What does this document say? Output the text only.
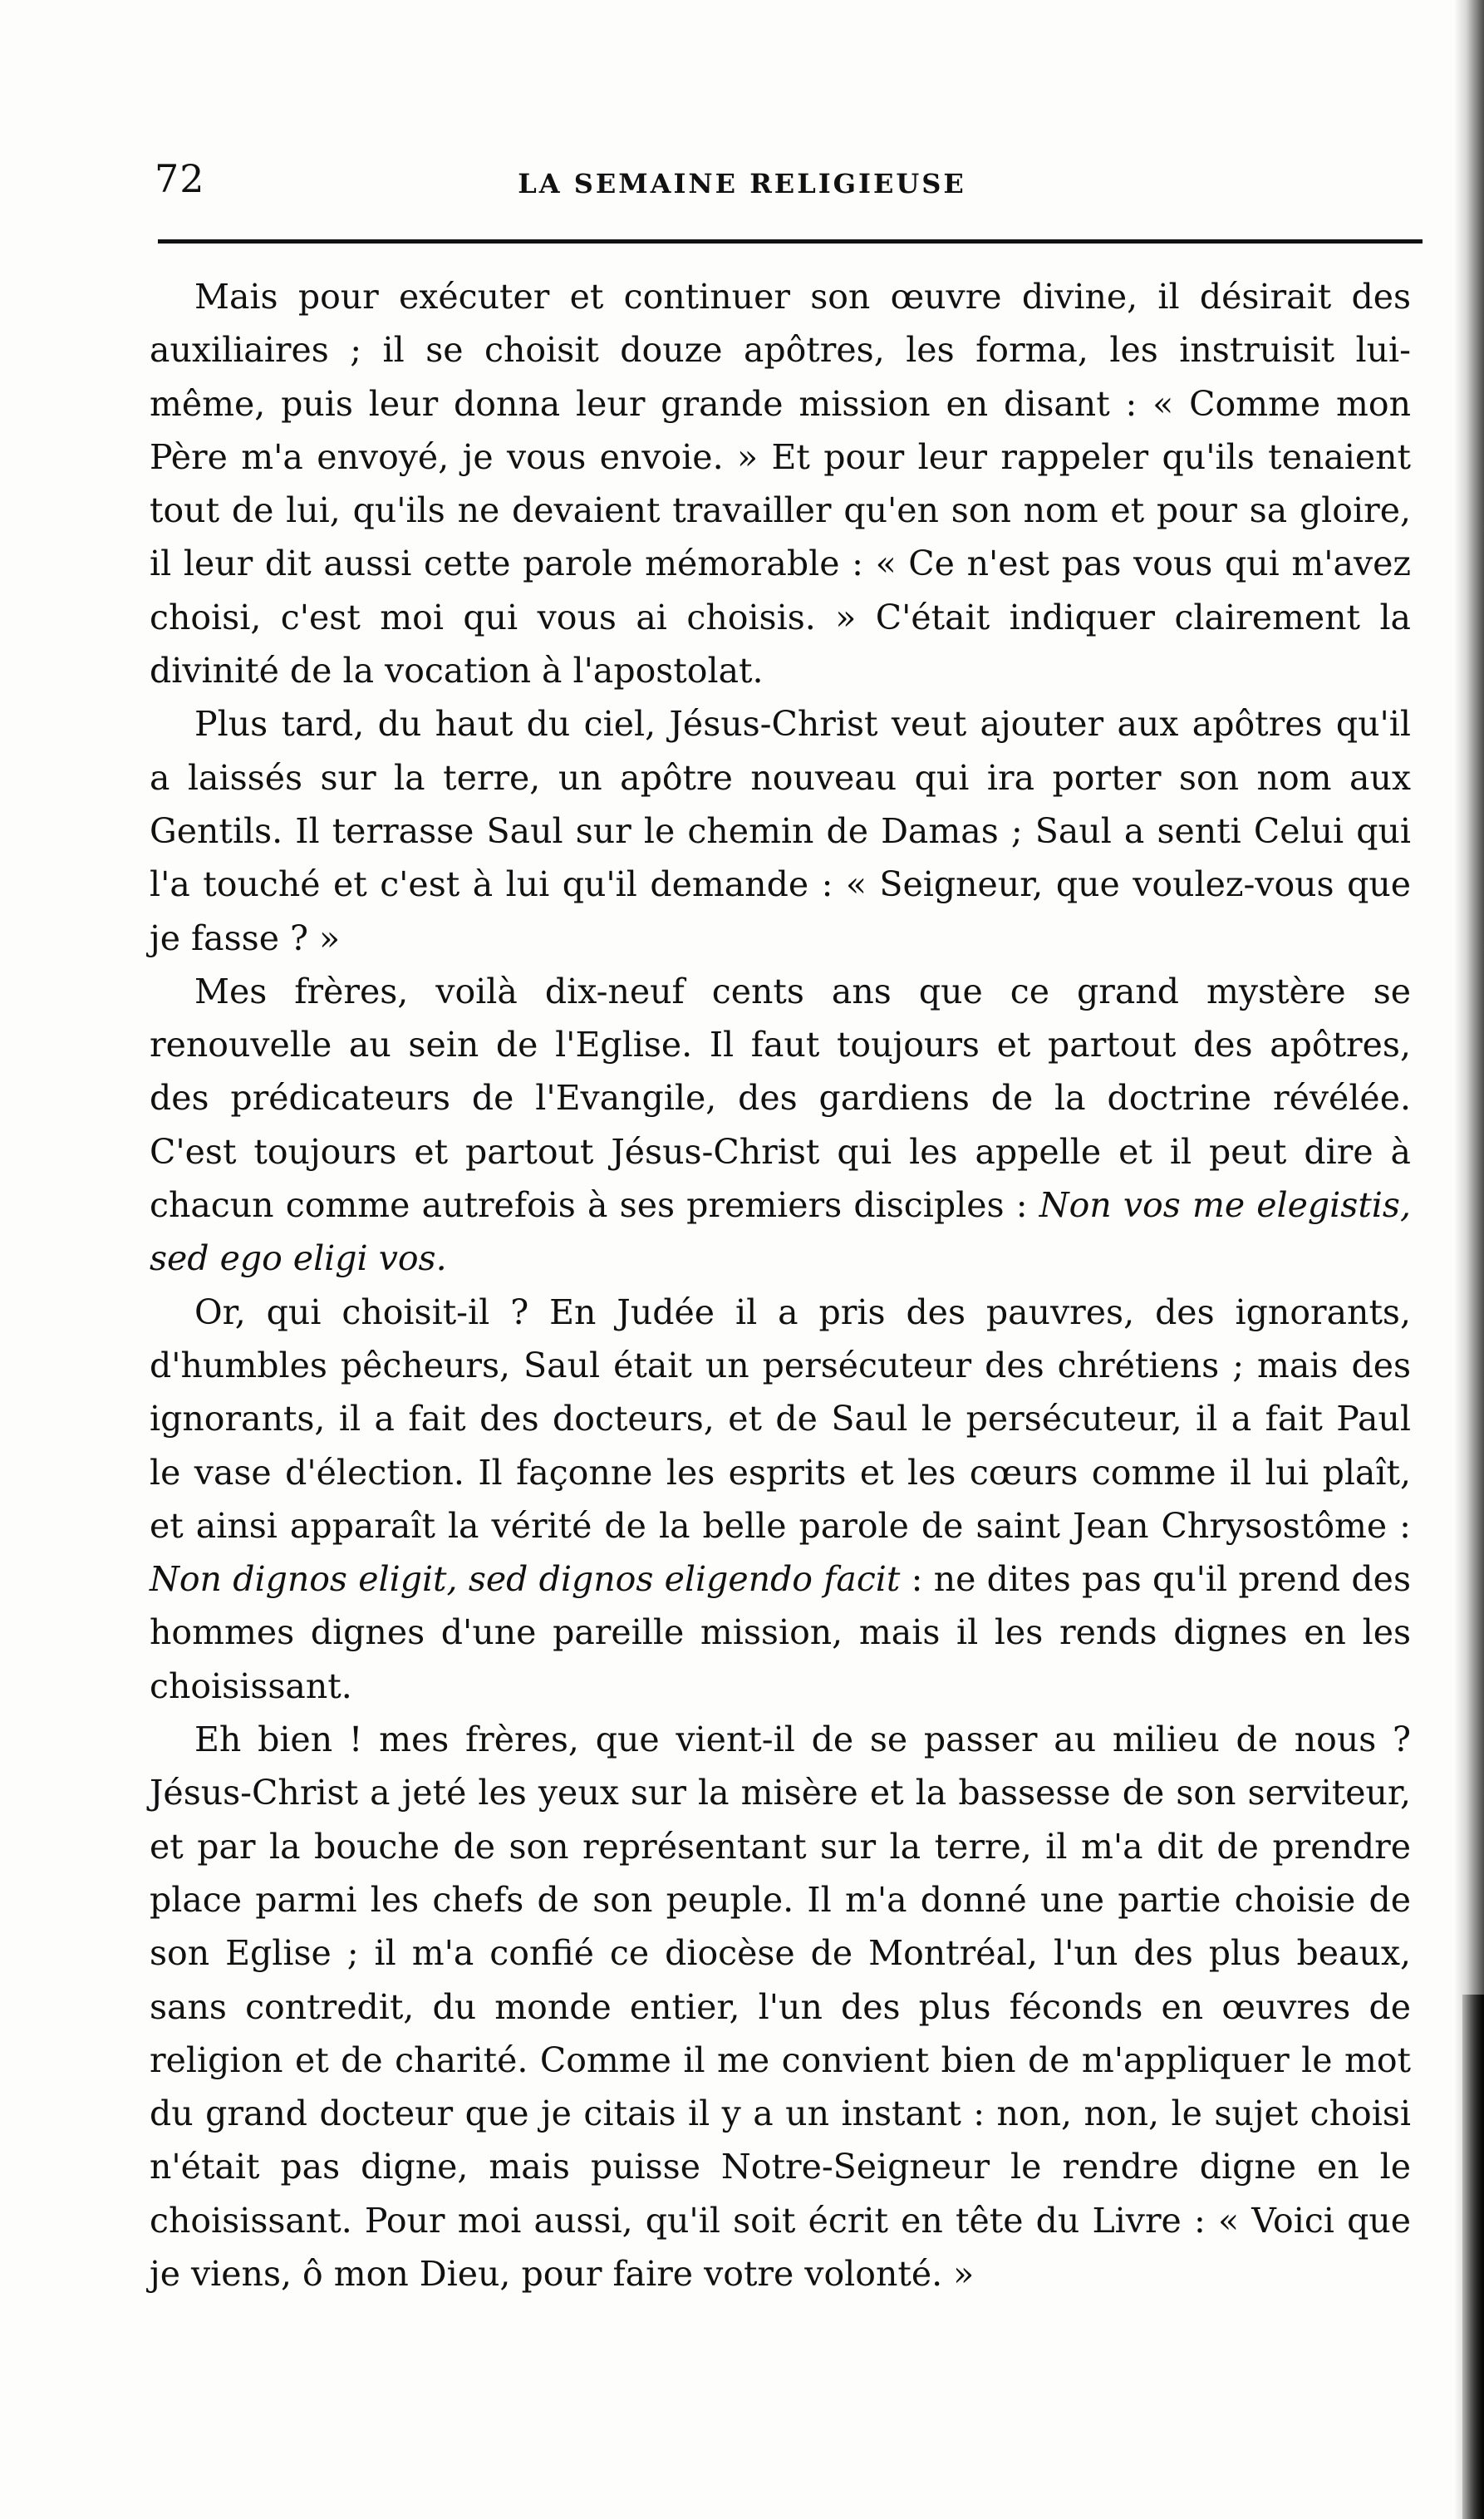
72	LA SEMAINE RELIGIEUSE

Mais pour exécuter et continuer son œuvre divine, il désirait des auxiliaires ; il se choisit douze apôtres, les forma, les instruisit lui-même, puis leur donna leur grande mission en disant : « Comme mon Père m'a envoyé, je vous envoie. » Et pour leur rappeler qu'ils tenaient tout de lui, qu'ils ne devaient travailler qu'en son nom et pour sa gloire, il leur dit aussi cette parole mémorable : « Ce n'est pas vous qui m'avez choisi, c'est moi qui vous ai choisis. » C'était indiquer clairement la divinité de la vocation à l'apostolat.

Plus tard, du haut du ciel, Jésus-Christ veut ajouter aux apôtres qu'il a laissés sur la terre, un apôtre nouveau qui ira porter son nom aux Gentils. Il terrasse Saul sur le chemin de Damas ; Saul a senti Celui qui l'a touché et c'est à lui qu'il demande : « Seigneur, que voulez-vous que je fasse ? »

Mes frères, voilà dix-neuf cents ans que ce grand mystère se renouvelle au sein de l'Eglise. Il faut toujours et partout des apôtres, des prédicateurs de l'Evangile, des gardiens de la doctrine révélée. C'est toujours et partout Jésus-Christ qui les appelle et il peut dire à chacun comme autrefois à ses premiers disciples : Non vos me elegistis, sed ego eligi vos.

Or, qui choisit-il ? En Judée il a pris des pauvres, des ignorants, d'humbles pêcheurs, Saul était un persécuteur des chrétiens ; mais des ignorants, il a fait des docteurs, et de Saul le persécuteur, il a fait Paul le vase d'élection. Il façonne les esprits et les cœurs comme il lui plaît, et ainsi apparaît la vérité de la belle parole de saint Jean Chrysostôme : Non dignos eligit, sed dignos eligendo facit : ne dites pas qu'il prend des hommes dignes d'une pareille mission, mais il les rends dignes en les choisissant.

Eh bien ! mes frères, que vient-il de se passer au milieu de nous ? Jésus-Christ a jeté les yeux sur la misère et la bassesse de son serviteur, et par la bouche de son représentant sur la terre, il m'a dit de prendre place parmi les chefs de son peuple. Il m'a donné une partie choisie de son Eglise ; il m'a confié ce diocèse de Montréal, l'un des plus beaux, sans contredit, du monde entier, l'un des plus féconds en œuvres de religion et de charité. Comme il me convient bien de m'appliquer le mot du grand docteur que je citais il y a un instant : non, non, le sujet choisi n'était pas digne, mais puisse Notre-Seigneur le rendre digne en le choisissant. Pour moi aussi, qu'il soit écrit en tête du Livre : « Voici que je viens, ô mon Dieu, pour faire votre volonté. »
